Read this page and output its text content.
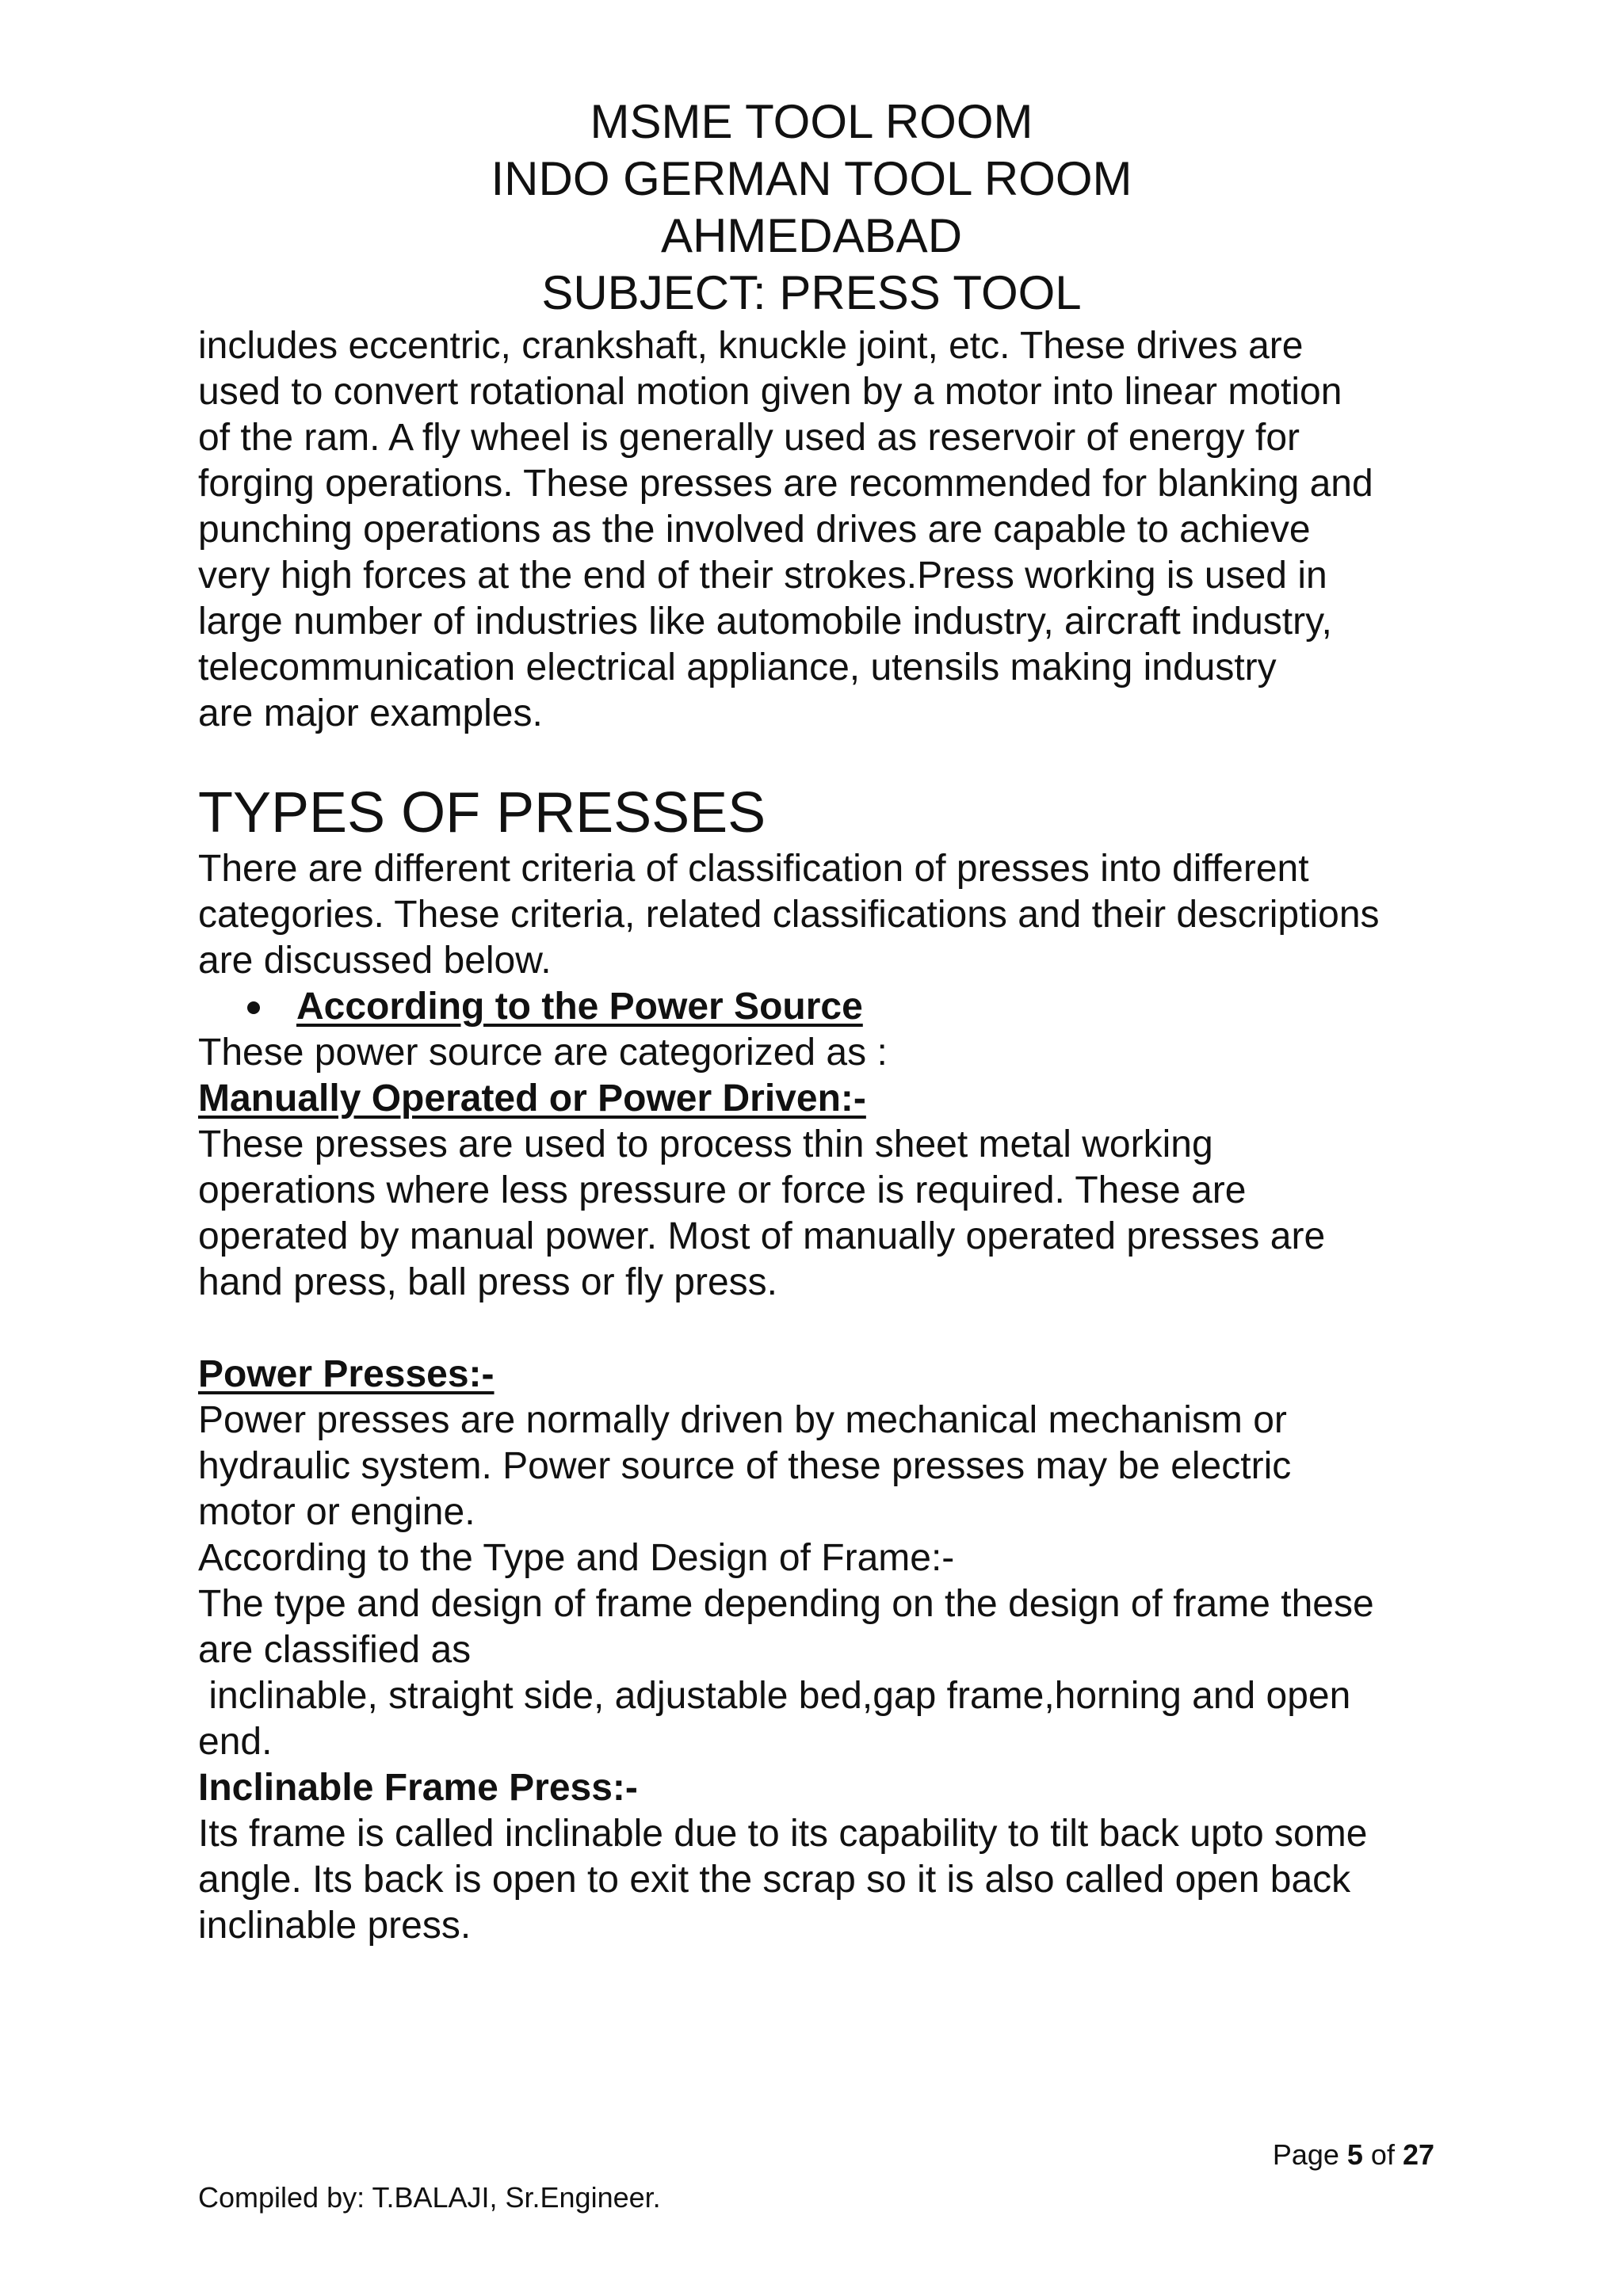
MSME TOOL ROOM
INDO GERMAN TOOL ROOM
AHMEDABAD
SUBJECT: PRESS TOOL
includes eccentric, crankshaft, knuckle joint, etc. These drives are
used to convert rotational motion given by a motor into linear motion
of the ram. A fly wheel is generally used as reservoir of energy for
forging operations. These presses are recommended for blanking and
punching operations as the involved drives are capable to achieve
very high forces at the end of their strokes.Press working is used in
large number of industries like automobile industry, aircraft industry,
telecommunication electrical appliance, utensils making industry
are major examples.
TYPES OF PRESSES
There are different criteria of classification of presses into different
categories. These criteria, related classifications and their descriptions
are discussed below.
According to the Power Source
These power source are categorized as :
Manually Operated or Power Driven:-
These presses are used to process thin sheet metal working
operations where less pressure or force is required. These are
operated by manual power. Most of manually operated presses are
hand press, ball press or fly press.
Power Presses:-
Power presses are normally driven by mechanical mechanism or
hydraulic system. Power source of these presses may be electric
motor or engine.
According to the Type and Design of Frame:-
The type and design of frame depending on the design of frame these
are classified as
inclinable, straight side, adjustable bed,gap frame,horning and open
end.
Inclinable Frame Press:-
Its frame is called inclinable due to its capability to tilt back upto some
angle. Its back is open to exit the scrap so it is also called open back
inclinable press.
Page 5 of 27
Compiled by: T.BALAJI, Sr.Engineer.
